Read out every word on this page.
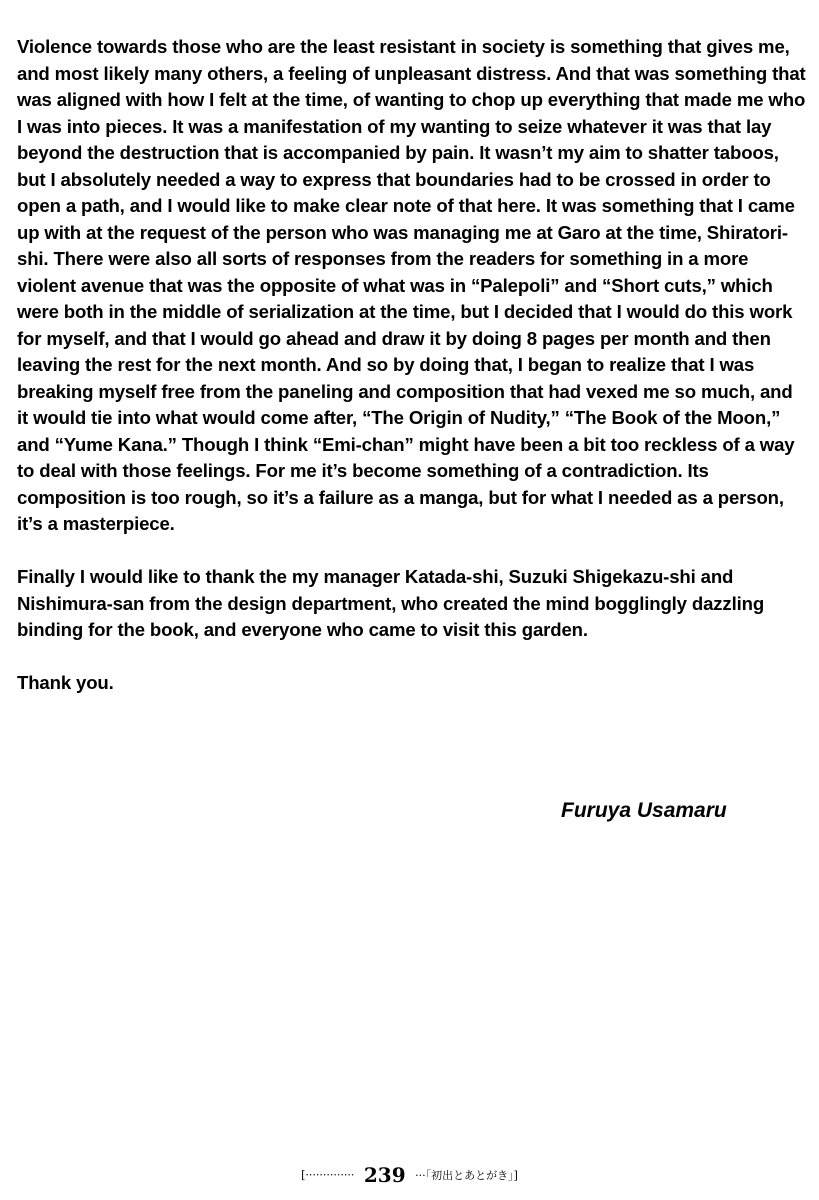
Violence towards those who are the least resistant in society is something that gives me, and most likely many others, a feeling of unpleasant distress. And that was something that was aligned with how I felt at the time, of wanting to chop up everything that made me who I was into pieces. It was a manifestation of my wanting to seize whatever it was that lay beyond the destruction that is accompanied by pain. It wasn’t my aim to shatter taboos, but I absolutely needed a way to express that boundaries had to be crossed in order to open a path, and I would like to make clear note of that here. It was something that I came up with at the request of the person who was managing me at Garo at the time, Shiratori-shi. There were also all sorts of responses from the readers for something in a more violent avenue that was the opposite of what was in “Palepoli” and “Short cuts,” which were both in the middle of serialization at the time, but I decided that I would do this work for myself, and that I would go ahead and draw it by doing 8 pages per month and then leaving the rest for the next month. And so by doing that, I began to realize that I was breaking myself free from the paneling and composition that had vexed me so much, and it would tie into what would come after, “The Origin of Nudity,” “The Book of the Moon,” and “Yume Kana.” Though I think “Emi-chan” might have been a bit too reckless of a way to deal with those feelings. For me it’s become something of a contradiction. Its composition is too rough, so it’s a failure as a manga, but for what I needed as a person, it’s a masterpiece.

Finally I would like to thank the my manager Katada-shi, Suzuki Shigekazu-shi and Nishimura-san from the design department, who created the mind bogglingly dazzling binding for the book, and everyone who came to visit this garden.

Thank you.

Furuya Usamaru
[·············· 239 ···「初出とあとがき」]
